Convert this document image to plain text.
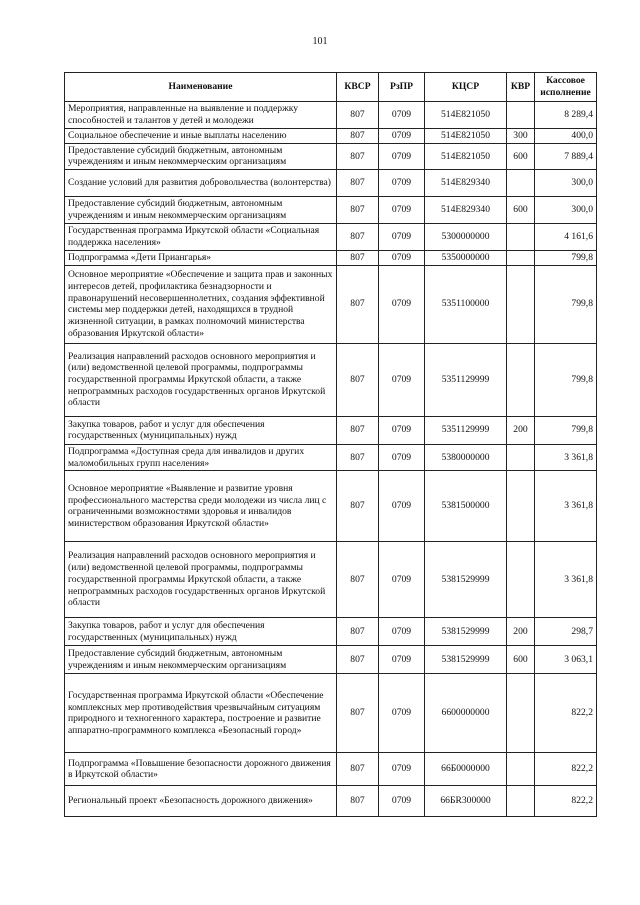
101
Наименование	КВСР	РзПР	КЦСР	КВР	Кассовое исполнение
Мероприятия, направленные на выявление и поддержку способностей и талантов у детей и молодежи	807	0709	514E821050		8 289,4
Социальное обеспечение и иные выплаты населению	807	0709	514E821050	300	400,0
Предоставление субсидий бюджетным, автономным учреждениям и иным некоммерческим организациям	807	0709	514E821050	600	7 889,4
Создание условий для развития добровольчества (волонтерства)	807	0709	514E829340		300,0
Предоставление субсидий бюджетным, автономным учреждениям и иным некоммерческим организациям	807	0709	514E829340	600	300,0
Государственная программа Иркутской области «Социальная поддержка населения»	807	0709	5300000000		4 161,6
Подпрограмма «Дети Приангарья»	807	0709	5350000000		799,8
Основное мероприятие «Обеспечение и защита прав и законных интересов детей, профилактика безнадзорности и правонарушений несовершеннолетних, создания эффективной системы мер поддержки детей, находящихся в трудной жизненной ситуации, в рамках полномочий министерства образования Иркутской области»	807	0709	5351100000		799,8
Реализация направлений расходов основного мероприятия и (или) ведомственной целевой программы, подпрограммы государственной программы Иркутской области, а также непрограммных расходов государственных органов Иркутской области	807	0709	5351129999		799,8
Закупка товаров, работ и услуг для обеспечения государственных (муниципальных) нужд	807	0709	5351129999	200	799,8
Подпрограмма «Доступная среда для инвалидов и других маломобильных групп населения»	807	0709	5380000000		3 361,8
Основное мероприятие «Выявление и развитие уровня профессионального мастерства среди молодежи из числа лиц с ограниченными возможностями здоровья и инвалидов министерством образования Иркутской области»	807	0709	5381500000		3 361,8
Реализация направлений расходов основного мероприятия и (или) ведомственной целевой программы, подпрограммы государственной программы Иркутской области, а также непрограммных расходов государственных органов Иркутской области	807	0709	5381529999		3 361,8
Закупка товаров, работ и услуг для обеспечения государственных (муниципальных) нужд	807	0709	5381529999	200	298,7
Предоставление субсидий бюджетным, автономным учреждениям и иным некоммерческим организациям	807	0709	5381529999	600	3 063,1
Государственная программа Иркутской области «Обеспечение комплексных мер противодействия чрезвычайным ситуациям природного и техногенного характера, построение и развитие аппаратно-программного комплекса «Безопасный город»	807	0709	6600000000		822,2
Подпрограмма «Повышение безопасности дорожного движения в Иркутской области»	807	0709	66Б0000000		822,2
Региональный проект «Безопасность дорожного движения»	807	0709	66БR300000		822,2
